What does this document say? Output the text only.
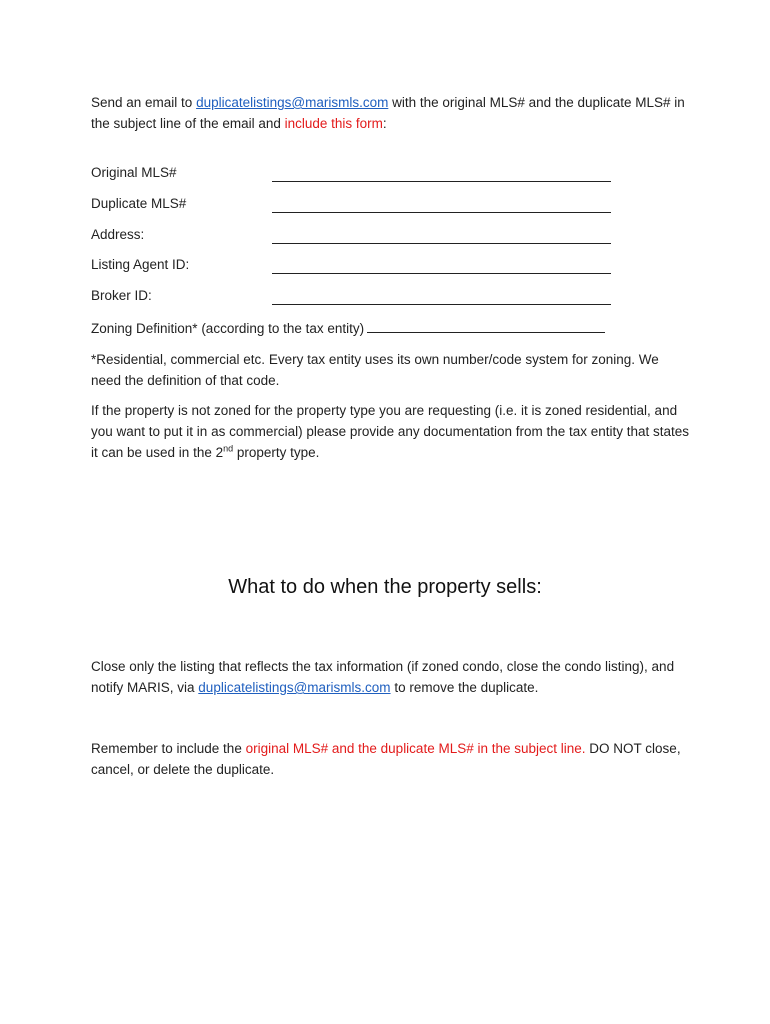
Send an email to duplicatelistings@marismls.com with the original MLS# and the duplicate MLS# in the subject line of the email and include this form:

Original MLS#
Duplicate MLS#
Address:
Listing Agent ID:
Broker ID:

Zoning Definition* (according to the tax entity)

*Residential, commercial etc. Every tax entity uses its own number/code system for zoning. We need the definition of that code.

If the property is not zoned for the property type you are requesting (i.e. it is zoned residential, and you want to put it in as commercial) please provide any documentation from the tax entity that states it can be used in the 2nd property type.

What to do when the property sells:

Close only the listing that reflects the tax information (if zoned condo, close the condo listing), and notify MARIS, via duplicatelistings@marismls.com to remove the duplicate.

Remember to include the original MLS# and the duplicate MLS# in the subject line. DO NOT close, cancel, or delete the duplicate.
